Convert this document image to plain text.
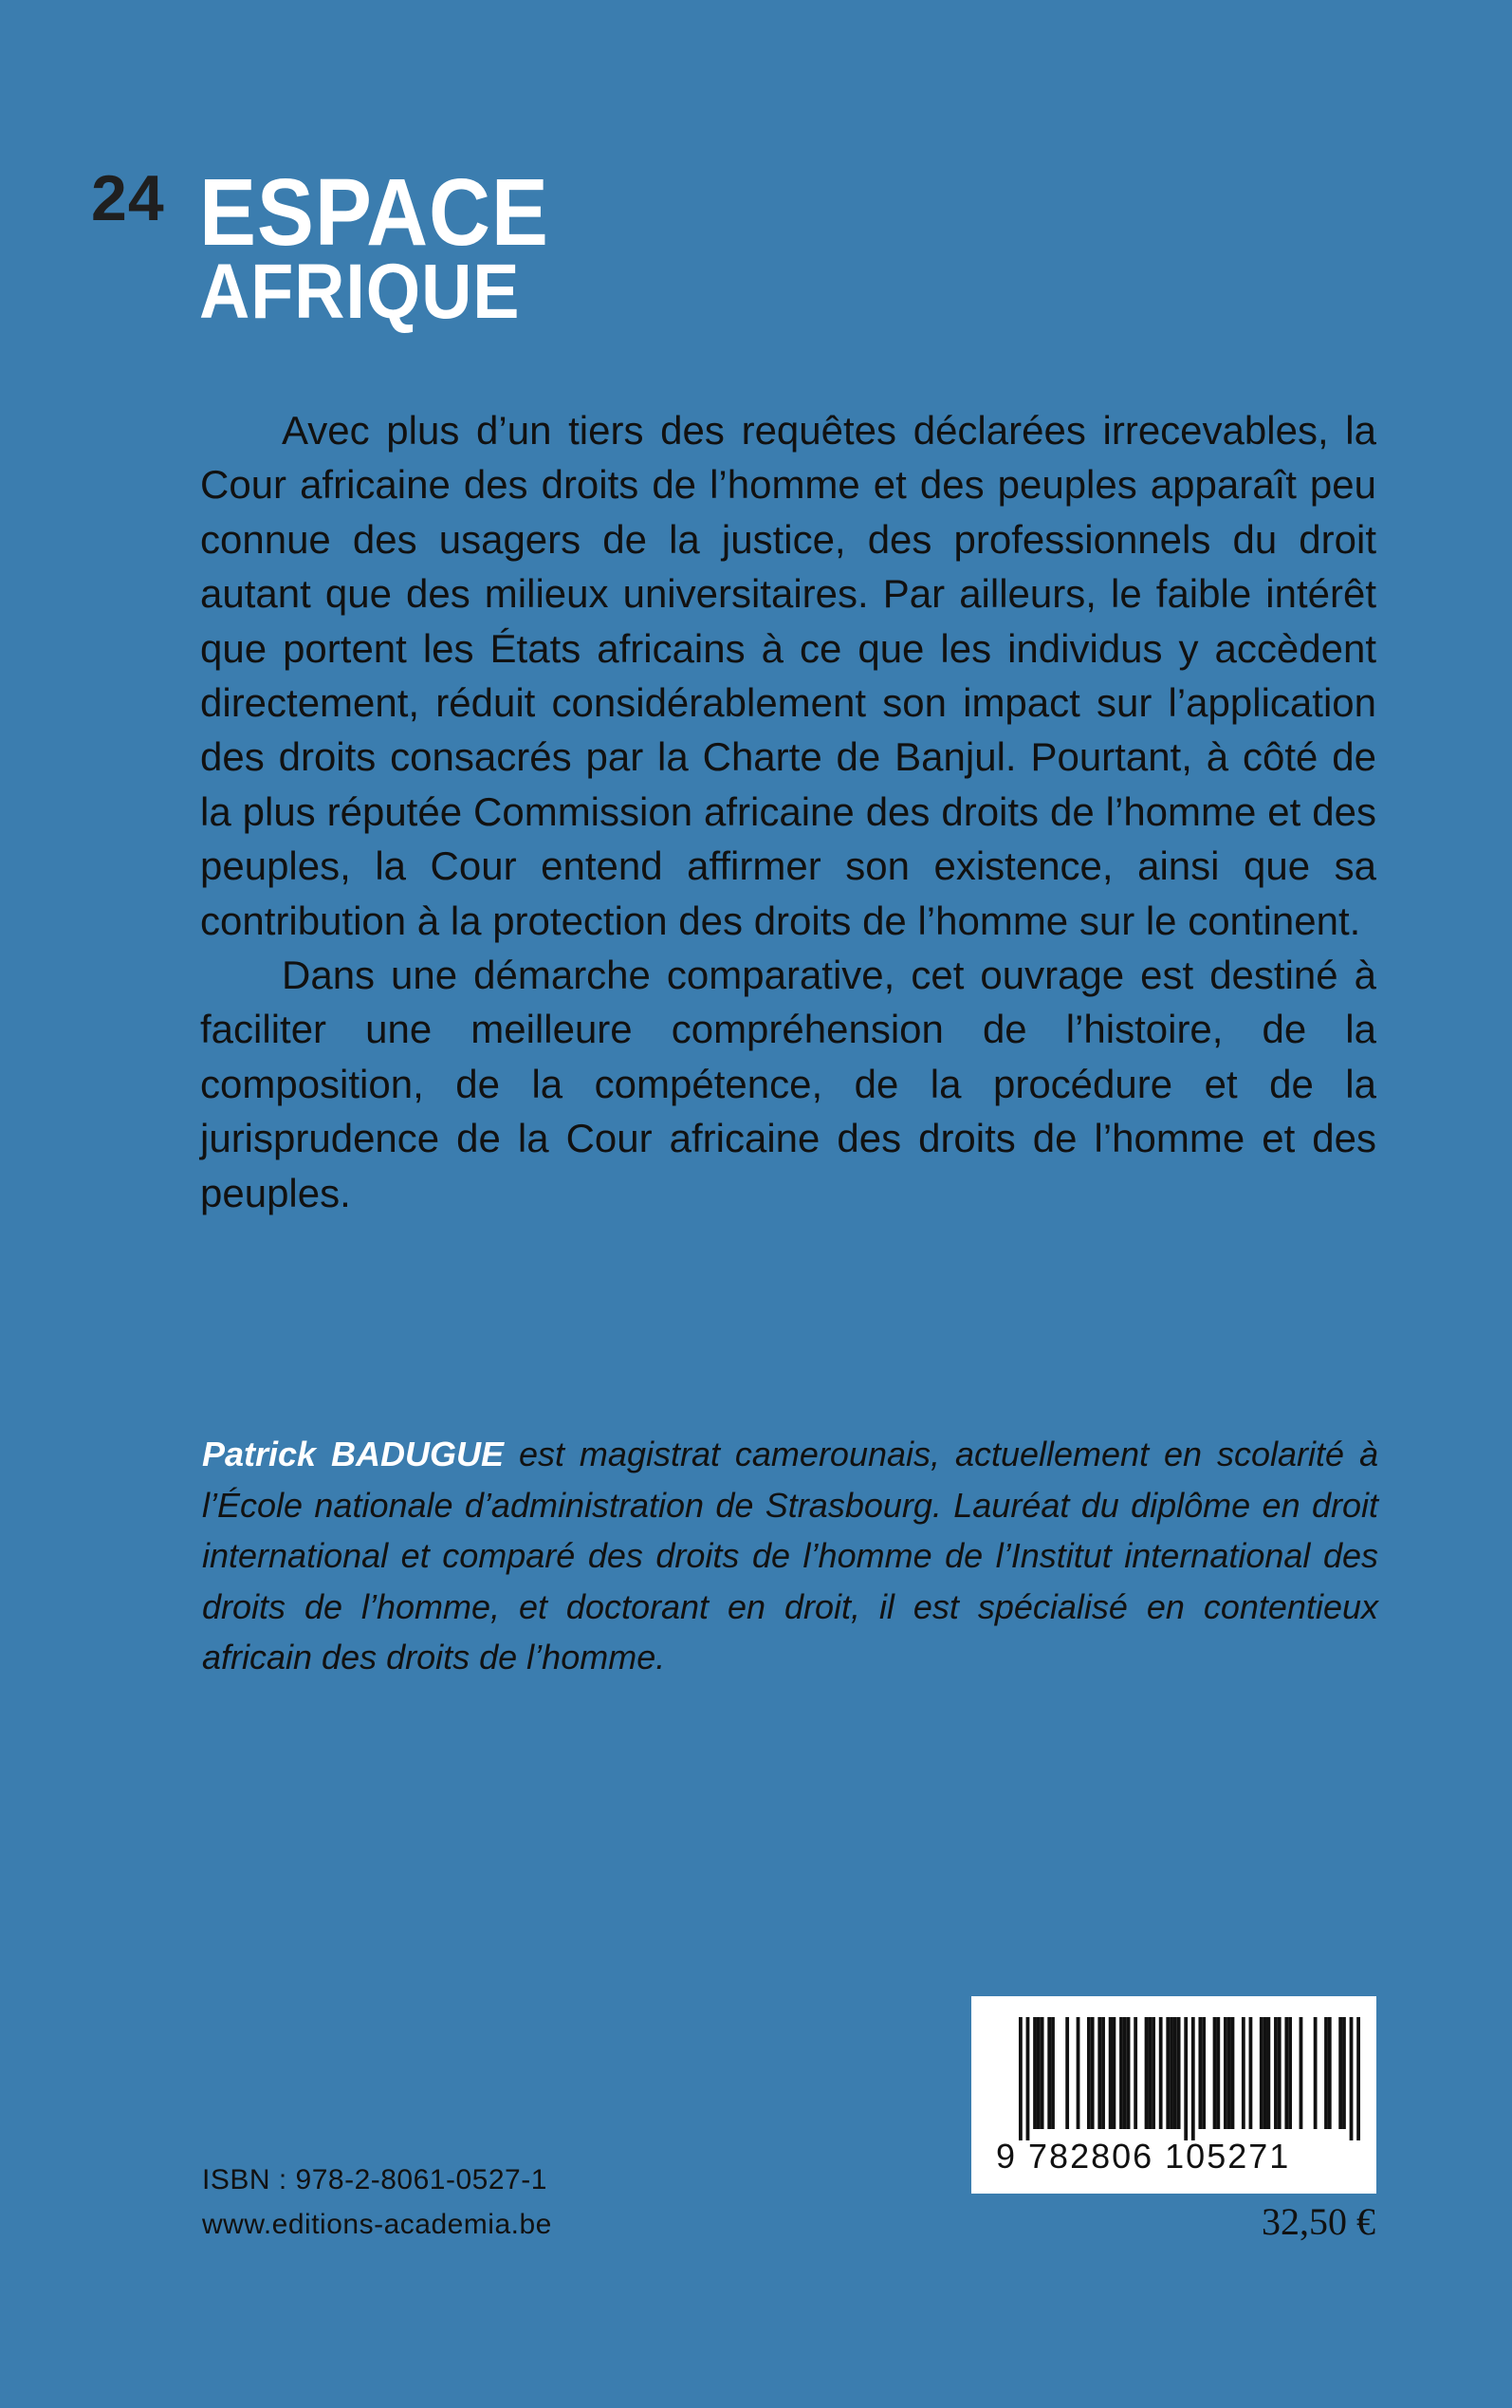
24 ESPACE
AFRIQUE

Avec plus d’un tiers des requêtes déclarées irrecevables, la Cour africaine des droits de l’homme et des peuples apparaît peu connue des usagers de la justice, des professionnels du droit autant que des milieux universitaires. Par ailleurs, le faible intérêt que portent les États africains à ce que les individus y accèdent directement, réduit considérablement son impact sur l’application des droits consacrés par la Charte de Banjul. Pourtant, à côté de la plus réputée Commission africaine des droits de l’homme et des peuples, la Cour entend affirmer son existence, ainsi que sa contribution à la protection des droits de l’homme sur le continent.

Dans une démarche comparative, cet ouvrage est destiné à faciliter une meilleure compréhension de l’histoire, de la composition, de la compétence, de la procédure et de la jurisprudence de la Cour africaine des droits de l’homme et des peuples.

Patrick BADUGUE est magistrat camerounais, actuellement en scolarité à l’École nationale d’administration de Strasbourg. Lauréat du diplôme en droit international et comparé des droits de l’homme de l’Institut international des droits de l’homme, et doctorant en droit, il est spécialisé en contentieux africain des droits de l’homme.
9 782806 105271
32,50 €
ISBN : 978-2-8061-0527-1
www.editions-academia.be
